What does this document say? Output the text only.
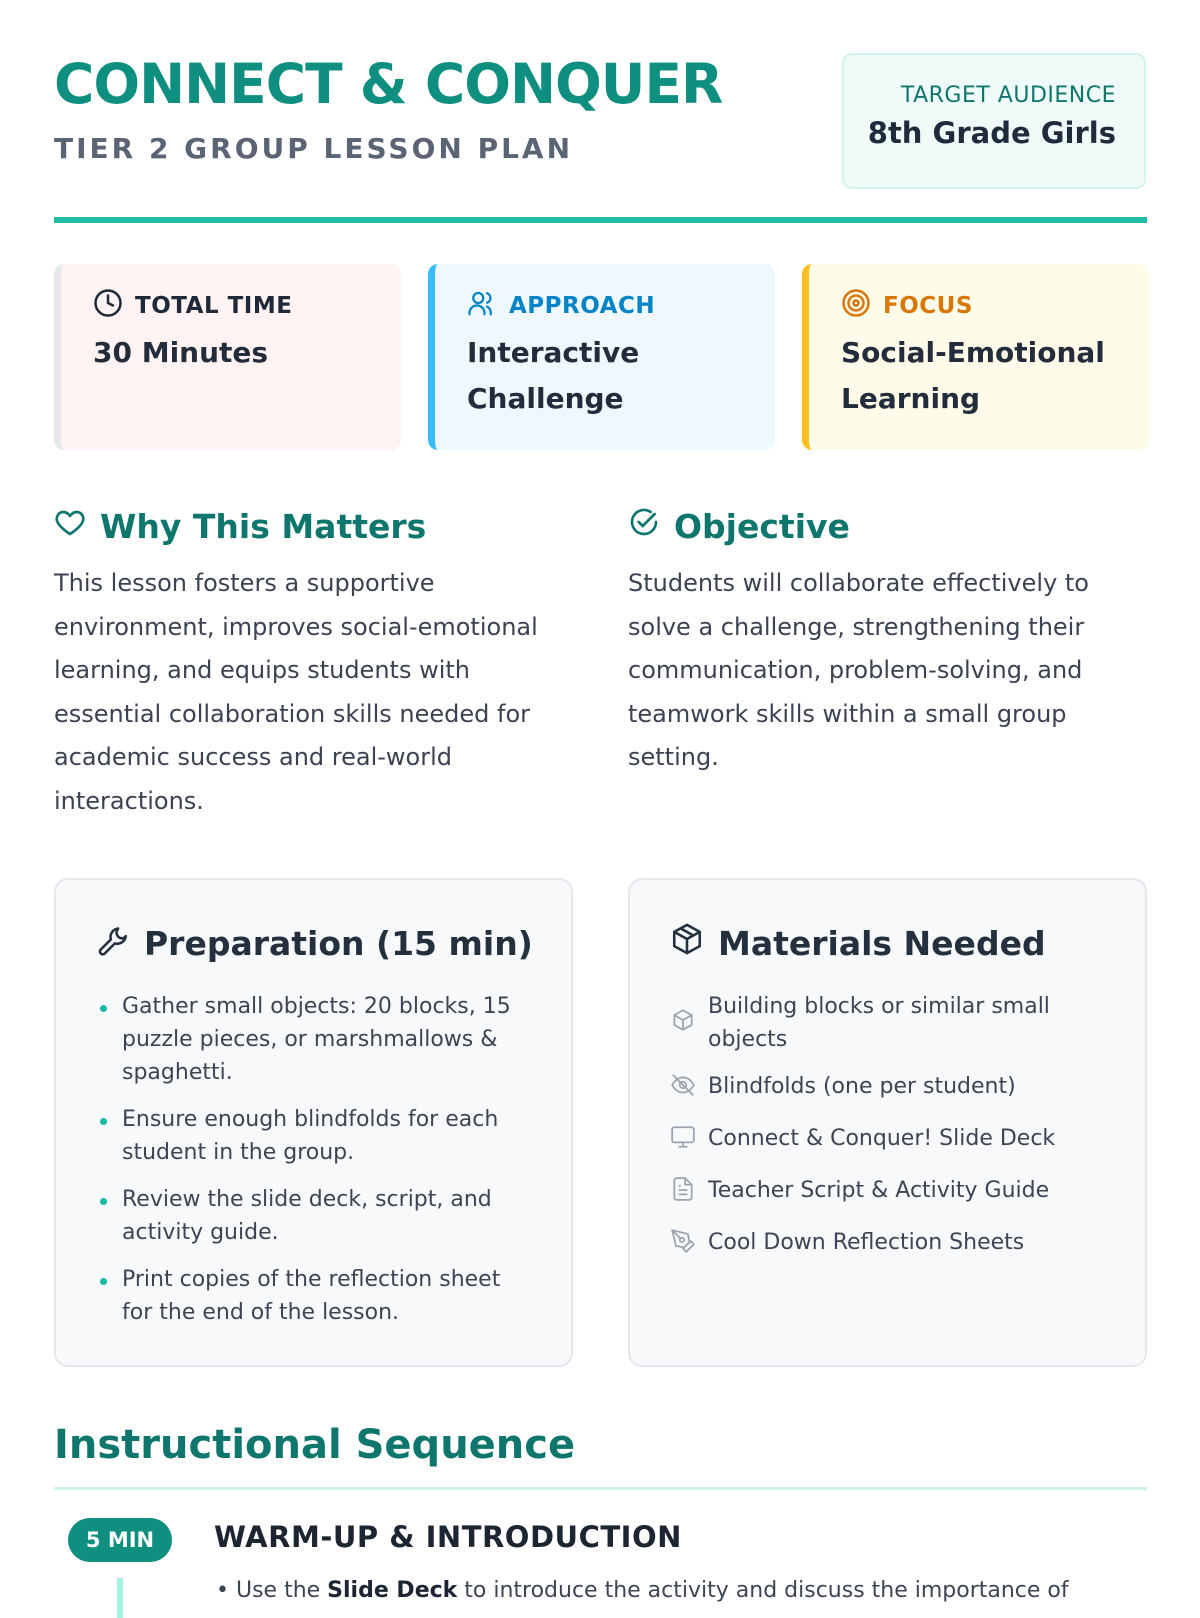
CONNECT & CONQUER
TIER 2 GROUP LESSON PLAN
TARGET AUDIENCE
8th Grade Girls
TOTAL TIME
30 Minutes
APPROACH
Interactive Challenge
FOCUS
Social-Emotional Learning
Why This Matters
This lesson fosters a supportive environment, improves social-emotional learning, and equips students with essential collaboration skills needed for academic success and real-world interactions.
Objective
Students will collaborate effectively to solve a challenge, strengthening their communication, problem-solving, and teamwork skills within a small group setting.
Preparation (15 min)
Gather small objects: 20 blocks, 15 puzzle pieces, or marshmallows & spaghetti.
Ensure enough blindfolds for each student in the group.
Review the slide deck, script, and activity guide.
Print copies of the reflection sheet for the end of the lesson.
Materials Needed
Building blocks or similar small objects
Blindfolds (one per student)
Connect & Conquer! Slide Deck
Teacher Script & Activity Guide
Cool Down Reflection Sheets
Instructional Sequence
5 MIN	WARM-UP & INTRODUCTION
• Use the Slide Deck to introduce the activity and discuss the importance of
